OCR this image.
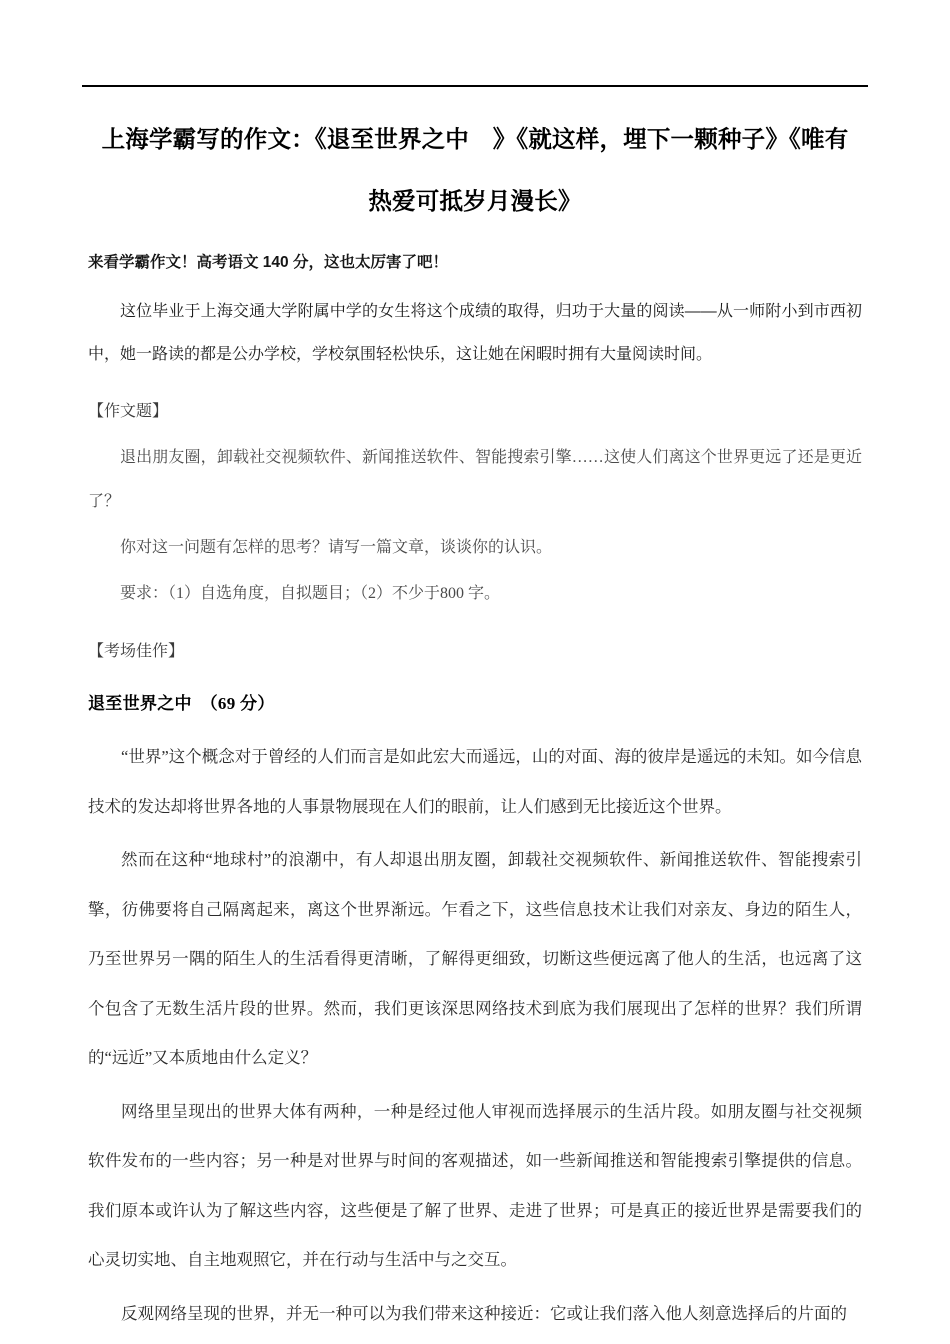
上海学霸写的作文：《退至世界之中　》《就这样，埋下一颗种子》《唯有热爱可抵岁月漫长》

来看学霸作文！高考语文 140 分，这也太厉害了吧！

这位毕业于上海交通大学附属中学的女生将这个成绩的取得，归功于大量的阅读——从一师附小到市西初中，她一路读的都是公办学校，学校氛围轻松快乐，这让她在闲暇时拥有大量阅读时间。

【作文题】

退出朋友圈，卸载社交视频软件、新闻推送软件、智能搜索引擎……这使人们离这个世界更远了还是更近了？

你对这一问题有怎样的思考？请写一篇文章，谈谈你的认识。

要求：（1）自选角度，自拟题目；（2）不少于800 字。

【考场佳作】

退至世界之中　（69 分）

“世界”这个概念对于曾经的人们而言是如此宏大而遥远，山的对面、海的彼岸是遥远的未知。如今信息技术的发达却将世界各地的人事景物展现在人们的眼前，让人们感到无比接近这个世界。

然而在这种“地球村”的浪潮中，有人却退出朋友圈，卸载社交视频软件、新闻推送软件、智能搜索引擎，彷佛要将自己隔离起来，离这个世界渐远。乍看之下，这些信息技术让我们对亲友、身边的陌生人，乃至世界另一隅的陌生人的生活看得更清晰，了解得更细致，切断这些便远离了他人的生活，也远离了这个包含了无数生活片段的世界。然而，我们更该深思网络技术到底为我们展现出了怎样的世界？我们所谓的“远近”又本质地由什么定义？

网络里呈现出的世界大体有两种，一种是经过他人审视而选择展示的生活片段。如朋友圈与社交视频软件发布的一些内容；另一种是对世界与时间的客观描述，如一些新闻推送和智能搜索引擎提供的信息。我们原本或许认为了解这些内容，这些便是了解了世界、走进了世界；可是真正的接近世界是需要我们的心灵切实地、自主地观照它，并在行动与生活中与之交互。

反观网络呈现的世界，并无一种可以为我们带来这种接近：它或让我们落入他人刻意选择后的片面的
